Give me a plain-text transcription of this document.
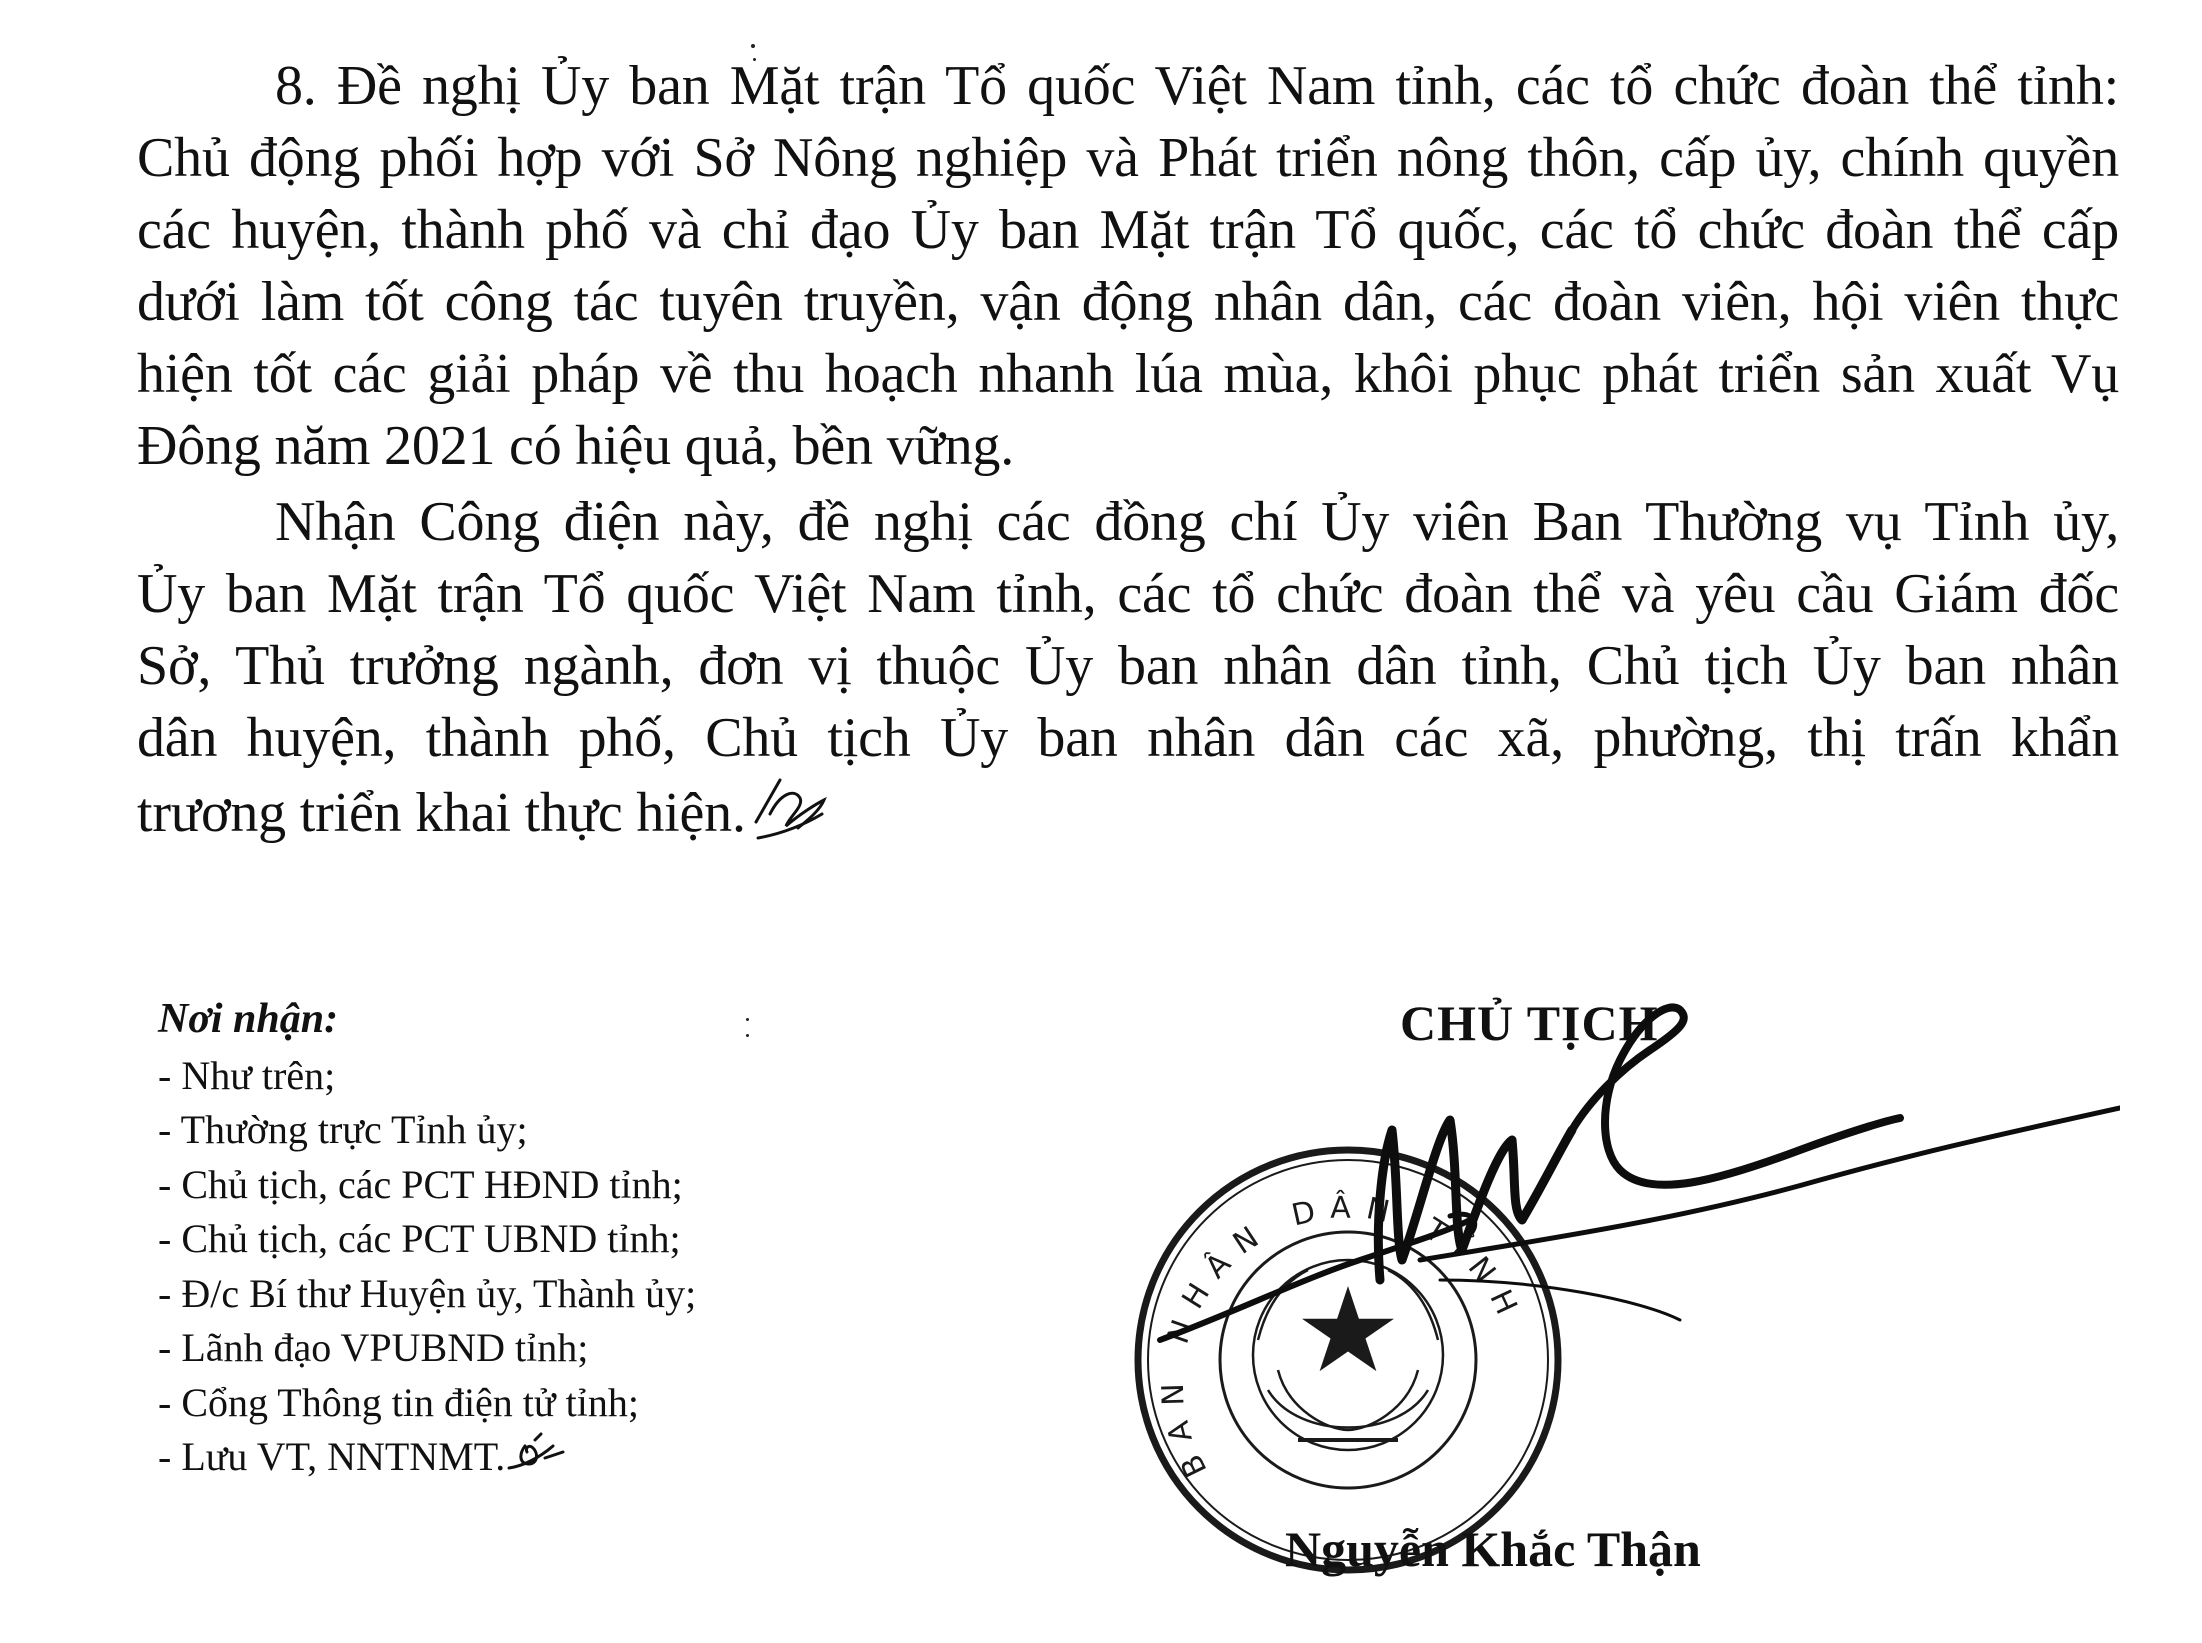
8. Đề nghị Ủy ban Mặt trận Tổ quốc Việt Nam tỉnh, các tổ chức đoàn thể tỉnh:
Chủ động phối hợp với Sở Nông nghiệp và Phát triển nông thôn, cấp ủy, chính quyền
các huyện, thành phố và chỉ đạo Ủy ban Mặt trận Tổ quốc, các tổ chức đoàn thể cấp
dưới làm tốt công tác tuyên truyền, vận động nhân dân, các đoàn viên, hội viên thực
hiện tốt các giải pháp về thu hoạch nhanh lúa mùa, khôi phục phát triển sản xuất Vụ
Đông năm 2021 có hiệu quả, bền vững.
Nhận Công điện này, đề nghị các đồng chí Ủy viên Ban Thường vụ Tỉnh ủy,
Ủy ban Mặt trận Tổ quốc Việt Nam tỉnh, các tổ chức đoàn thể và yêu cầu Giám đốc
Sở, Thủ trưởng ngành, đơn vị thuộc Ủy ban nhân dân tỉnh, Chủ tịch Ủy ban nhân
dân huyện, thành phố, Chủ tịch Ủy ban nhân dân các xã, phường, thị trấn khẩn
trương triển khai thực hiện.
Nơi nhận:
- Như trên;
- Thường trực Tỉnh ủy;
- Chủ tịch, các PCT HĐND tỉnh;
- Chủ tịch, các PCT UBND tỉnh;
- Đ/c Bí thư Huyện ủy, Thành ủy;
- Lãnh đạo VPUBND tỉnh;
- Cổng Thông tin điện tử tỉnh;
- Lưu VT, NNTNMT.
CHỦ TỊCH
BAN NHÂN DÂN TỈNH
Nguyễn Khắc Thận
